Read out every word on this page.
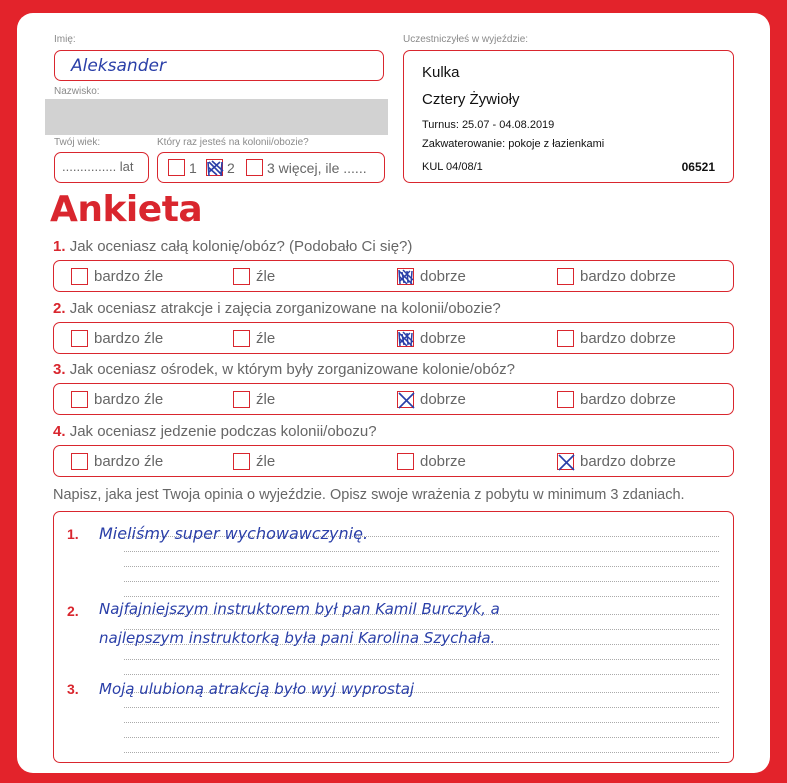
Imię:
Aleksander
Nazwisko:
Twój wiek:
............... lat
Który raz jesteś na kolonii/obozie?
1 2 3 więcej, ile ......
Uczestniczyłeś w wyjeździe:
Kulka
Cztery Żywioły
Turnus: 25.07 - 04.08.2019
Zakwaterowanie: pokoje z łazienkami
KUL 04/08/1	06521
Ankieta
1. Jak oceniasz całą kolonię/obóz? (Podobało Ci się?)
bardzo źle	źle	dobrze	bardzo dobrze
2. Jak oceniasz atrakcje i zajęcia zorganizowane na kolonii/obozie?
bardzo źle	źle	dobrze	bardzo dobrze
3. Jak oceniasz ośrodek, w którym były zorganizowane kolonie/obóz?
bardzo źle	źle	dobrze	bardzo dobrze
4. Jak oceniasz jedzenie podczas kolonii/obozu?
bardzo źle	źle	dobrze	bardzo dobrze
Napisz, jaka jest Twoja opinia o wyjeździe. Opisz swoje wrażenia z pobytu w minimum 3 zdaniach.
1.
2.
3.
Mieliśmy super wychowawczynię.
Najfajniejszym instruktorem był pan Kamil Burczyk, a
najlepszym instruktorką była pani Karolina Szychała.
Moją ulubioną atrakcją było wyj wyprostaj
